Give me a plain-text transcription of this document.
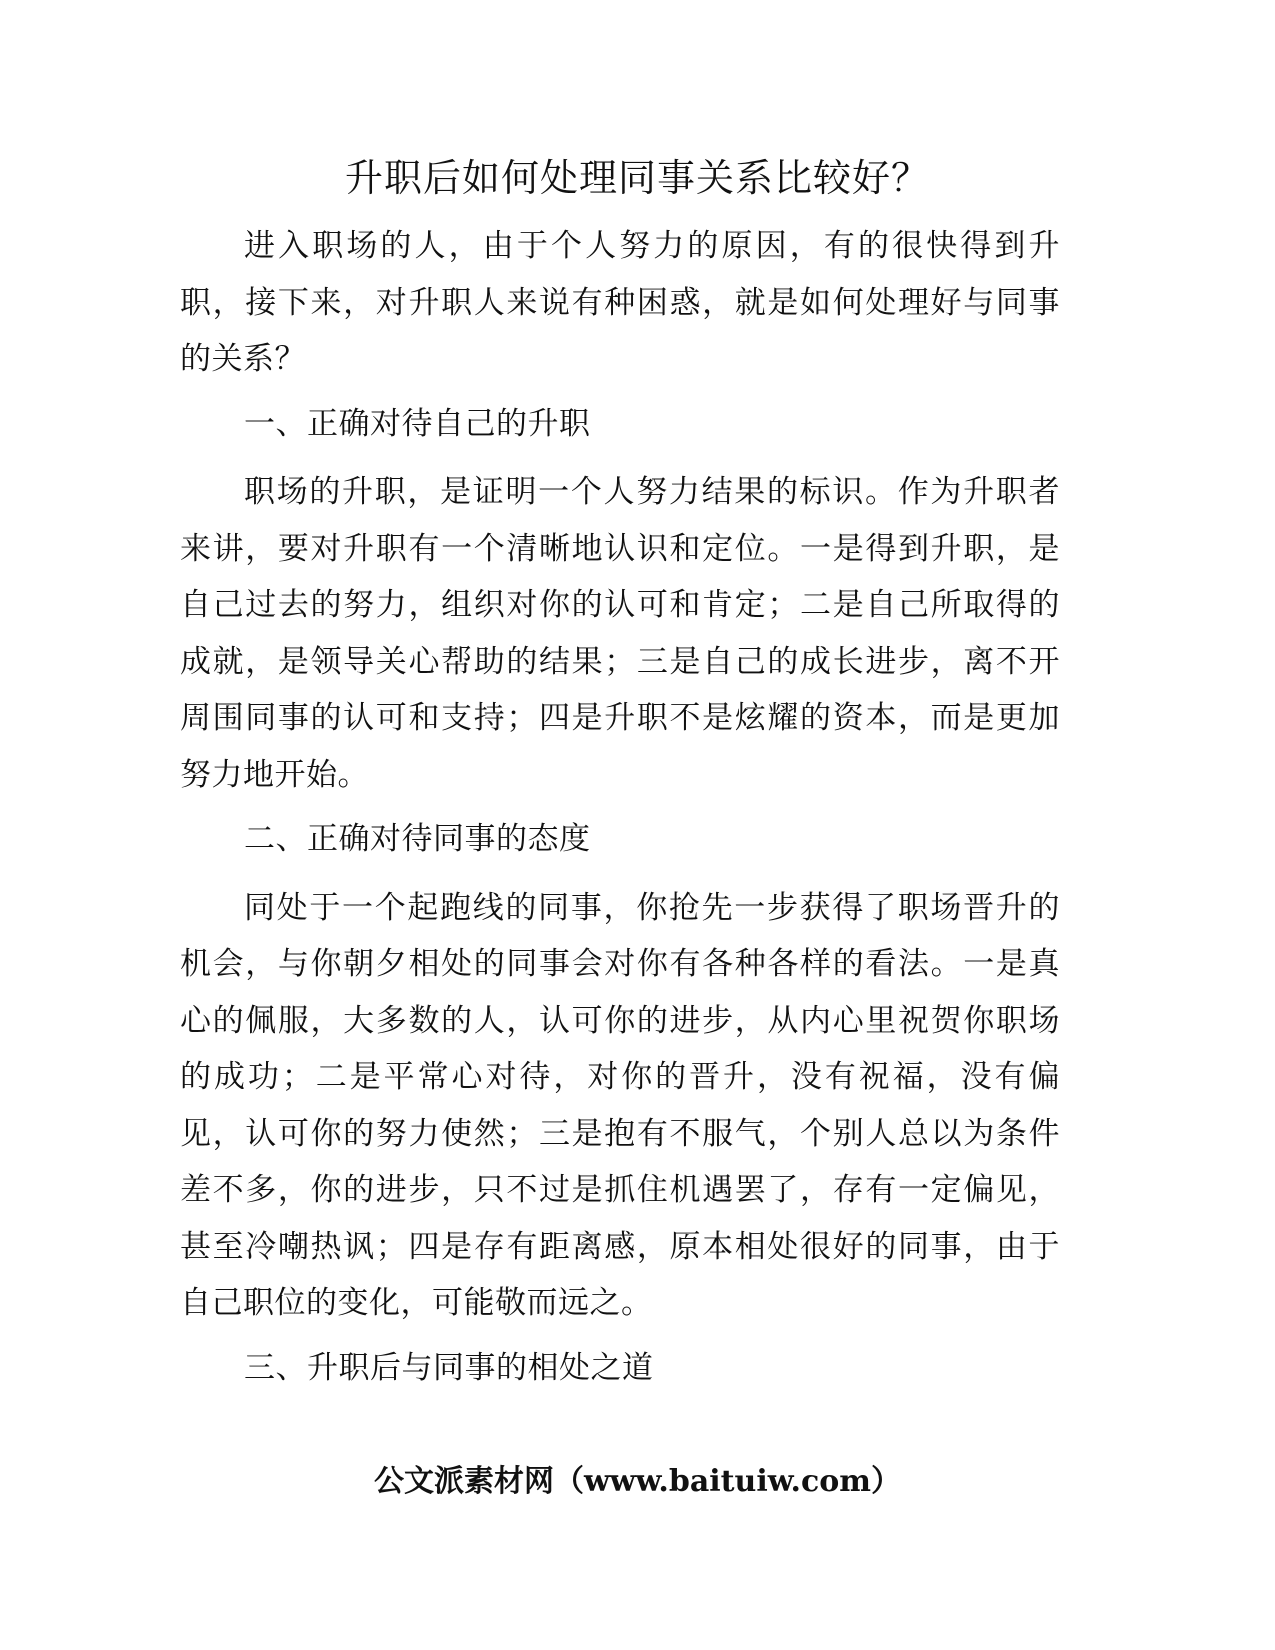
升职后如何处理同事关系比较好？

进入职场的人，由于个人努力的原因，有的很快得到升职，接下来，对升职人来说有种困惑，就是如何处理好与同事的关系？

一、正确对待自己的升职

职场的升职，是证明一个人努力结果的标识。作为升职者来讲，要对升职有一个清晰地认识和定位。一是得到升职，是自己过去的努力，组织对你的认可和肯定；二是自己所取得的成就，是领导关心帮助的结果；三是自己的成长进步，离不开周围同事的认可和支持；四是升职不是炫耀的资本，而是更加努力地开始。

二、正确对待同事的态度

同处于一个起跑线的同事，你抢先一步获得了职场晋升的机会，与你朝夕相处的同事会对你有各种各样的看法。一是真心的佩服，大多数的人，认可你的进步，从内心里祝贺你职场的成功；二是平常心对待，对你的晋升，没有祝福，没有偏见，认可你的努力使然；三是抱有不服气，个别人总以为条件差不多，你的进步，只不过是抓住机遇罢了，存有一定偏见，甚至冷嘲热讽；四是存有距离感，原本相处很好的同事，由于自己职位的变化，可能敬而远之。

三、升职后与同事的相处之道

公文派素材网（www.baituiw.com）
